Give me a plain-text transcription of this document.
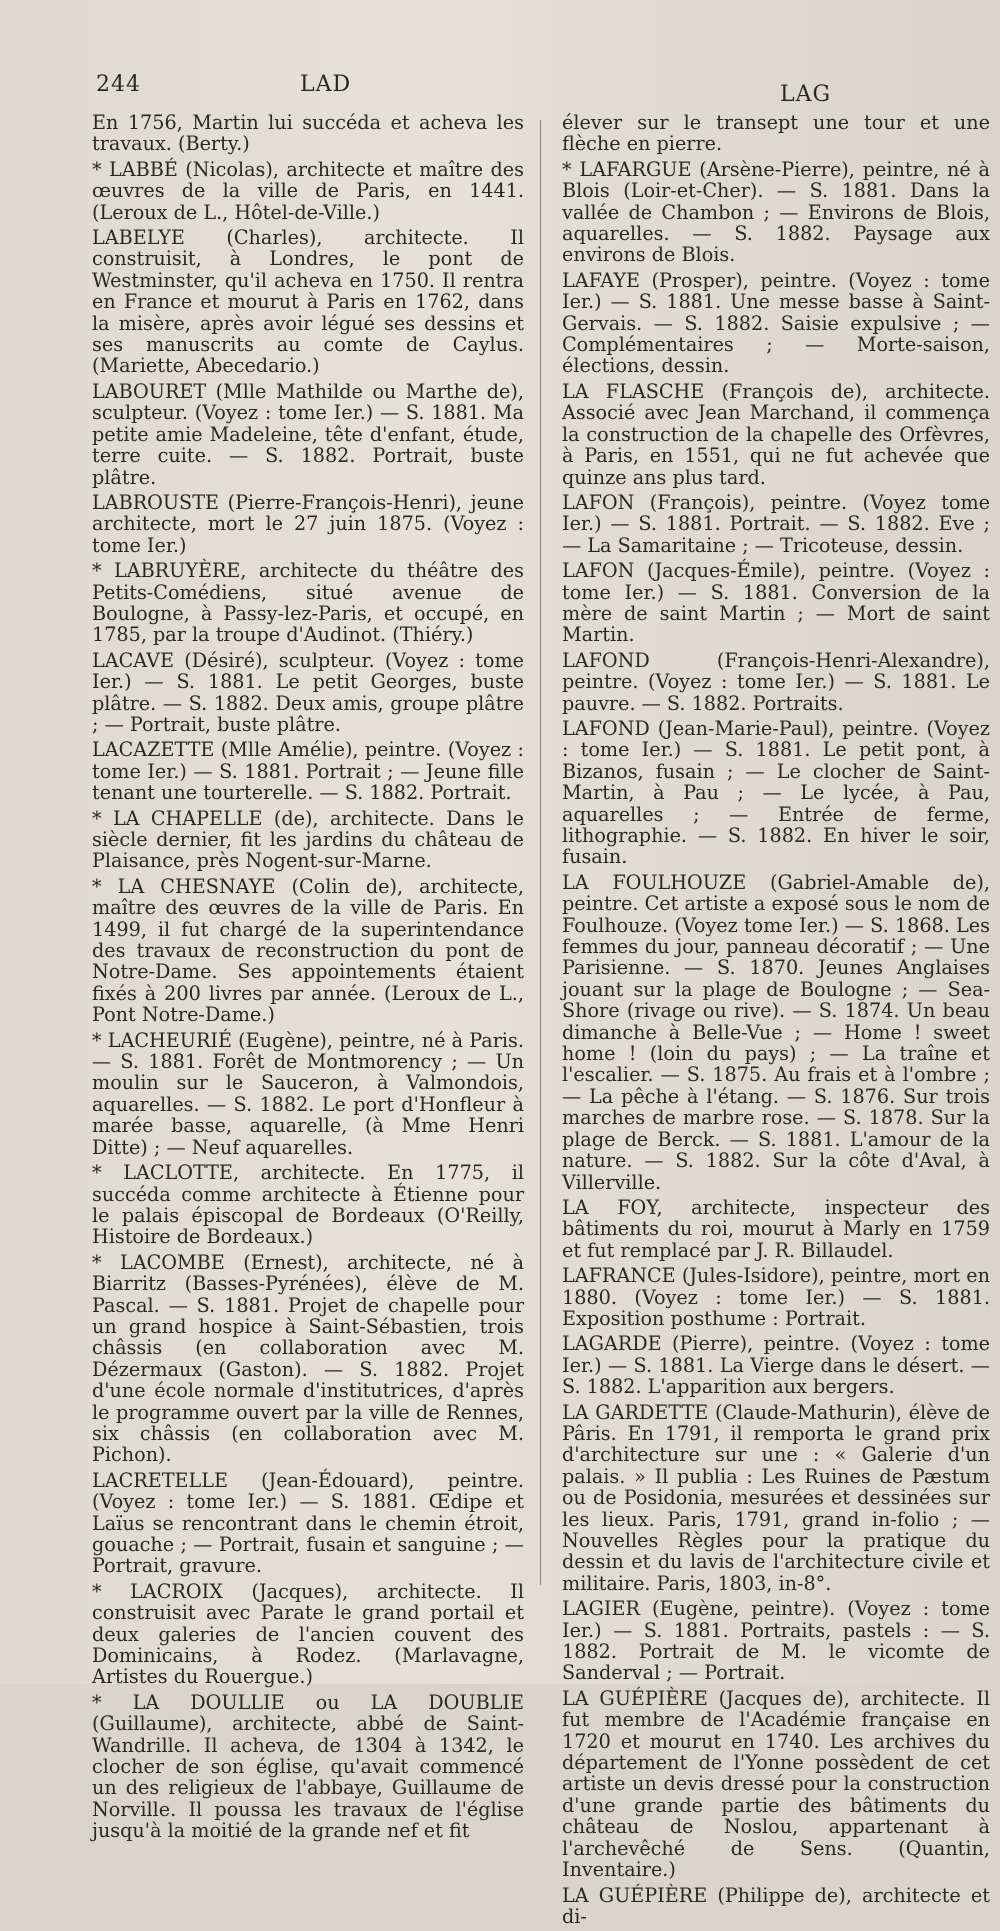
244	LAD	LAG

En 1756, Martin lui succéda et acheva les travaux. (Berty.)

* LABBÉ (Nicolas), architecte et maître des œuvres de la ville de Paris, en 1441. (Leroux de L., Hôtel-de-Ville.)

LABELYE (Charles), architecte. Il construisit, à Londres, le pont de Westminster, qu'il acheva en 1750. Il rentra en France et mourut à Paris en 1762, dans la misère, après avoir légué ses dessins et ses manuscrits au comte de Caylus. (Mariette, Abecedario.)

LABOURET (Mlle Mathilde ou Marthe de), sculpteur. (Voyez : tome Ier.) — S. 1881. Ma petite amie Madeleine, tête d'enfant, étude, terre cuite. — S. 1882. Portrait, buste plâtre.

LABROUSTE (Pierre-François-Henri), jeune architecte, mort le 27 juin 1875. (Voyez : tome Ier.)

* LABRUYÈRE, architecte du théâtre des Petits-Comédiens, situé avenue de Boulogne, à Passy-lez-Paris, et occupé, en 1785, par la troupe d'Audinot. (Thiéry.)

LACAVE (Désiré), sculpteur. (Voyez : tome Ier.) — S. 1881. Le petit Georges, buste plâtre. — S. 1882. Deux amis, groupe plâtre ; — Portrait, buste plâtre.

LACAZETTE (Mlle Amélie), peintre. (Voyez : tome Ier.) — S. 1881. Portrait ; — Jeune fille tenant une tourterelle. — S. 1882. Portrait.

* LA CHAPELLE (de), architecte. Dans le siècle dernier, fit les jardins du château de Plaisance, près Nogent-sur-Marne.

* LA CHESNAYE (Colin de), architecte, maître des œuvres de la ville de Paris. En 1499, il fut chargé de la superintendance des travaux de reconstruction du pont de Notre-Dame. Ses appointements étaient fixés à 200 livres par année. (Leroux de L., Pont Notre-Dame.)

* LACHEURIÉ (Eugène), peintre, né à Paris. — S. 1881. Forêt de Montmorency ; — Un moulin sur le Sauceron, à Valmondois, aquarelles. — S. 1882. Le port d'Honfleur à marée basse, aquarelle, (à Mme Henri Ditte) ; — Neuf aquarelles.

* LACLOTTE, architecte. En 1775, il succéda comme architecte à Étienne pour le palais épiscopal de Bordeaux (O'Reilly, Histoire de Bordeaux.)

* LACOMBE (Ernest), architecte, né à Biarritz (Basses-Pyrénées), élève de M. Pascal. — S. 1881. Projet de chapelle pour un grand hospice à Saint-Sébastien, trois châssis (en collaboration avec M. Dézermaux (Gaston). — S. 1882. Projet d'une école normale d'institutrices, d'après le programme ouvert par la ville de Rennes, six châssis (en collaboration avec M. Pichon).

LACRETELLE (Jean-Édouard), peintre. (Voyez : tome Ier.) — S. 1881. Œdipe et Laïus se rencontrant dans le chemin étroit, gouache ; — Portrait, fusain et sanguine ; — Portrait, gravure.

* LACROIX (Jacques), architecte. Il construisit avec Parate le grand portail et deux galeries de l'ancien couvent des Dominicains, à Rodez. (Marlavagne, Artistes du Rouergue.)

* LA DOULLIE ou LA DOUBLIE (Guillaume), architecte, abbé de Saint-Wandrille. Il acheva, de 1304 à 1342, le clocher de son église, qu'avait commencé un des religieux de l'abbaye, Guillaume de Norville. Il poussa les travaux de l'église jusqu'à la moitié de la grande nef et fit

élever sur le transept une tour et une flèche en pierre.

* LAFARGUE (Arsène-Pierre), peintre, né à Blois (Loir-et-Cher). — S. 1881. Dans la vallée de Chambon ; — Environs de Blois, aquarelles. — S. 1882. Paysage aux environs de Blois.

LAFAYE (Prosper), peintre. (Voyez : tome Ier.) — S. 1881. Une messe basse à Saint-Gervais. — S. 1882. Saisie expulsive ; — Complémentaires ; — Morte-saison, élections, dessin.

LA FLASCHE (François de), architecte. Associé avec Jean Marchand, il commença la construction de la chapelle des Orfèvres, à Paris, en 1551, qui ne fut achevée que quinze ans plus tard.

LAFON (François), peintre. (Voyez tome Ier.) — S. 1881. Portrait. — S. 1882. Eve ; — La Samaritaine ; — Tricoteuse, dessin.

LAFON (Jacques-Émile), peintre. (Voyez : tome Ier.) — S. 1881. Conversion de la mère de saint Martin ; — Mort de saint Martin.

LAFOND (François-Henri-Alexandre), peintre. (Voyez : tome Ier.) — S. 1881. Le pauvre. — S. 1882. Portraits.

LAFOND (Jean-Marie-Paul), peintre. (Voyez : tome Ier.) — S. 1881. Le petit pont, à Bizanos, fusain ; — Le clocher de Saint-Martin, à Pau ; — Le lycée, à Pau, aquarelles ; — Entrée de ferme, lithographie. — S. 1882. En hiver le soir, fusain.

LA FOULHOUZE (Gabriel-Amable de), peintre. Cet artiste a exposé sous le nom de Foulhouze. (Voyez tome Ier.) — S. 1868. Les femmes du jour, panneau décoratif ; — Une Parisienne. — S. 1870. Jeunes Anglaises jouant sur la plage de Boulogne ; — Sea-Shore (rivage ou rive). — S. 1874. Un beau dimanche à Belle-Vue ; — Home ! sweet home ! (loin du pays) ; — La traîne et l'escalier. — S. 1875. Au frais et à l'ombre ; — La pêche à l'étang. — S. 1876. Sur trois marches de marbre rose. — S. 1878. Sur la plage de Berck. — S. 1881. L'amour de la nature. — S. 1882. Sur la côte d'Aval, à Villerville.

LA FOY, architecte, inspecteur des bâtiments du roi, mourut à Marly en 1759 et fut remplacé par J. R. Billaudel.

LAFRANCE (Jules-Isidore), peintre, mort en 1880. (Voyez : tome Ier.) — S. 1881. Exposition posthume : Portrait.

LAGARDE (Pierre), peintre. (Voyez : tome Ier.) — S. 1881. La Vierge dans le désert. — S. 1882. L'apparition aux bergers.

LA GARDETTE (Claude-Mathurin), élève de Pâris. En 1791, il remporta le grand prix d'architecture sur une : « Galerie d'un palais. » Il publia : Les Ruines de Pæstum ou de Posidonia, mesurées et dessinées sur les lieux. Paris, 1791, grand in-folio ; — Nouvelles Règles pour la pratique du dessin et du lavis de l'architecture civile et militaire. Paris, 1803, in-8°.

LAGIER (Eugène, peintre). (Voyez : tome Ier.) — S. 1881. Portraits, pastels : — S. 1882. Portrait de M. le vicomte de Sanderval ; — Portrait.

LA GUÉPIÈRE (Jacques de), architecte. Il fut membre de l'Académie française en 1720 et mourut en 1740. Les archives du département de l'Yonne possèdent de cet artiste un devis dressé pour la construction d'une grande partie des bâtiments du château de Noslou, appartenant à l'archevêché de Sens. (Quantin, Inventaire.)

LA GUÉPIÈRE (Philippe de), architecte et di-
